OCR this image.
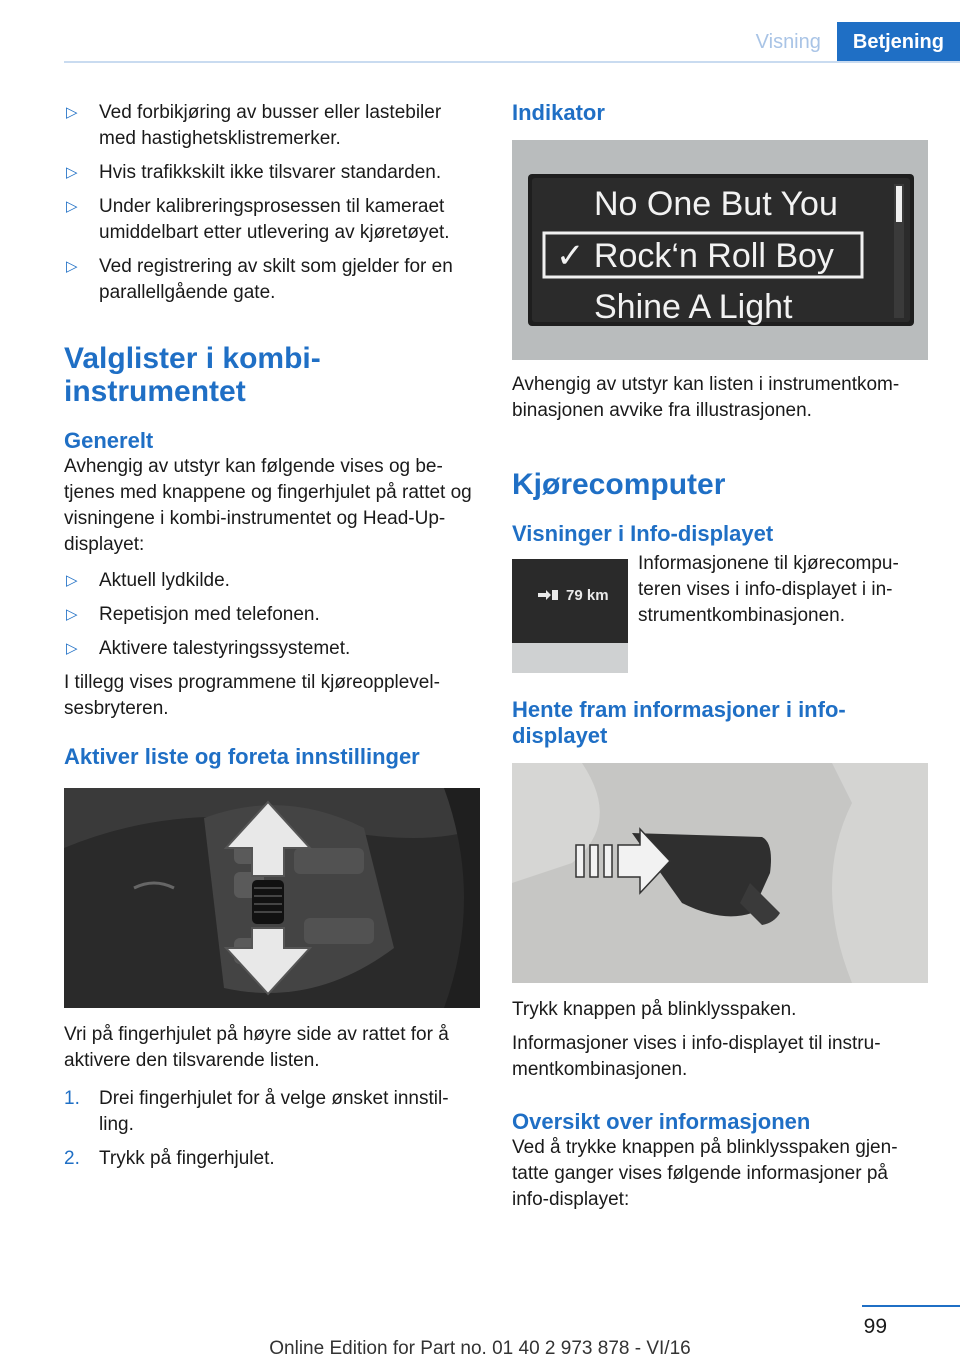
Visning	Betjening
▷ Ved forbikjøring av busser eller lastebiler med hastighetsklistremerker.
▷ Hvis trafikkskilt ikke tilsvarer standarden.
▷ Under kalibreringsprosessen til kameraet umiddelbart etter utlevering av kjøretøyet.
▷ Ved registrering av skilt som gjelder for en parallellgående gate.
Valglister i kombi-instrumentet
Generelt

Avhengig av utstyr kan følgende vises og be-tjenes med knappene og fingerhjulet på rattet og visningene i kombi-instrumentet og Head-Up-displayet:

▷ Aktuell lydkilde.
▷ Repetisjon med telefonen.
▷ Aktivere talestyringssystemet.

I tillegg vises programmene til kjøreopplevel-sesbryteren.

Aktiver liste og foreta innstillinger

Vri på fingerhjulet på høyre side av rattet for å aktivere den tilsvarende listen.

1. Drei fingerhjulet for å velge ønsket innstil-ling.
2. Trykk på fingerhjulet.
Indikator
No One But You
✓ Rock‘n Roll Boy
Shine A Light

Avhengig av utstyr kan listen i instrumentkom-binasjonen avvike fra illustrasjonen.

Kjørecomputer
Visninger i Info-displayet
79 km

Informasjonene til kjørecompu-teren vises i info-displayet i in-strumentkombinasjonen.

Hente fram informasjoner i info-displayet

Trykk knappen på blinklysspaken.

Informasjoner vises i info-displayet til instru-mentkombinasjonen.

Oversikt over informasjonen

Ved å trykke knappen på blinklysspaken gjen-tatte ganger vises følgende informasjoner på info-displayet:

99
Online Edition for Part no. 01 40 2 973 878 - VI/16
